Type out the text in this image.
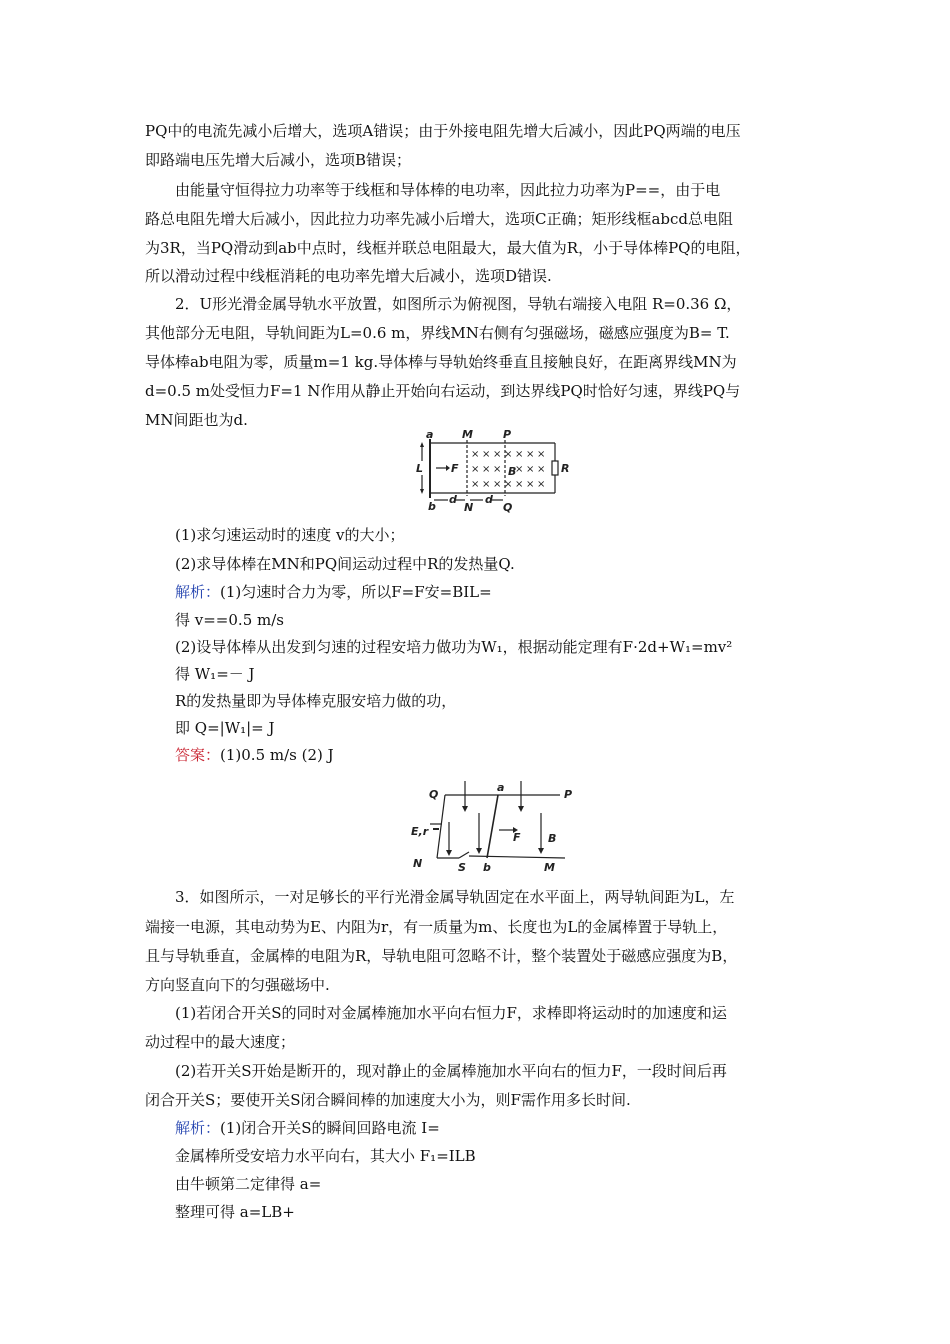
PQ中的电流先减小后增大，选项A错误；由于外接电阻先增大后减小，因此PQ两端的电压
即路端电压先增大后减小，选项B错误；
由能量守恒得拉力功率等于线框和导体棒的电功率，因此拉力功率为P==，由于电
路总电阻先增大后减小，因此拉力功率先减小后增大，选项C正确；矩形线框abcd总电阻
为3R，当PQ滑动到ab中点时，线框并联总电阻最大，最大值为R，小于导体棒PQ的电阻，
所以滑动过程中线框消耗的电功率先增大后减小，选项D错误.
2．U形光滑金属导轨水平放置，如图所示为俯视图，导轨右端接入电阻 R=0.36 Ω，
其他部分无电阻，导轨间距为L=0.6 m，界线MN右侧有匀强磁场，磁感应强度为B= T.
导体棒ab电阻为零，质量m=1 kg.导体棒与导轨始终垂直且接触良好，在距离界线MN为
d=0.5 m处受恒力F=1 N作用从静止开始向右运动，到达界线PQ时恰好匀速，界线PQ与
MN间距也为d.
a	M	P
L	F	B	R
b
d	d
N	Q
× × × × × × ×
× × × × × ×
× × × × × × ×
(1)求匀速运动时的速度 v的大小；
(2)求导体棒在MN和PQ间运动过程中R的发热量Q.
解析：(1)匀速时合力为零，所以F=F安=BIL=
得 v==0.5 m/s
(2)设导体棒从出发到匀速的过程安培力做功为W₁，根据动能定理有F·2d+W₁=mv²
得 W₁=－ J
R的发热量即为导体棒克服安培力做的功，
即 Q=|W₁|= J
答案：(1)0.5 m/s (2) J
Q	P
a
E,r	F B
N	S b	M
3．如图所示，一对足够长的平行光滑金属导轨固定在水平面上，两导轨间距为L，左
端接一电源，其电动势为E、内阻为r，有一质量为m、长度也为L的金属棒置于导轨上，
且与导轨垂直，金属棒的电阻为R，导轨电阻可忽略不计，整个装置处于磁感应强度为B，
方向竖直向下的匀强磁场中.
(1)若闭合开关S的同时对金属棒施加水平向右恒力F，求棒即将运动时的加速度和运
动过程中的最大速度；
(2)若开关S开始是断开的，现对静止的金属棒施加水平向右的恒力F，一段时间后再
闭合开关S；要使开关S闭合瞬间棒的加速度大小为，则F需作用多长时间.
解析：(1)闭合开关S的瞬间回路电流 I=
金属棒所受安培力水平向右，其大小 F₁=ILB
由牛顿第二定律得 a=
整理可得 a=LB+
